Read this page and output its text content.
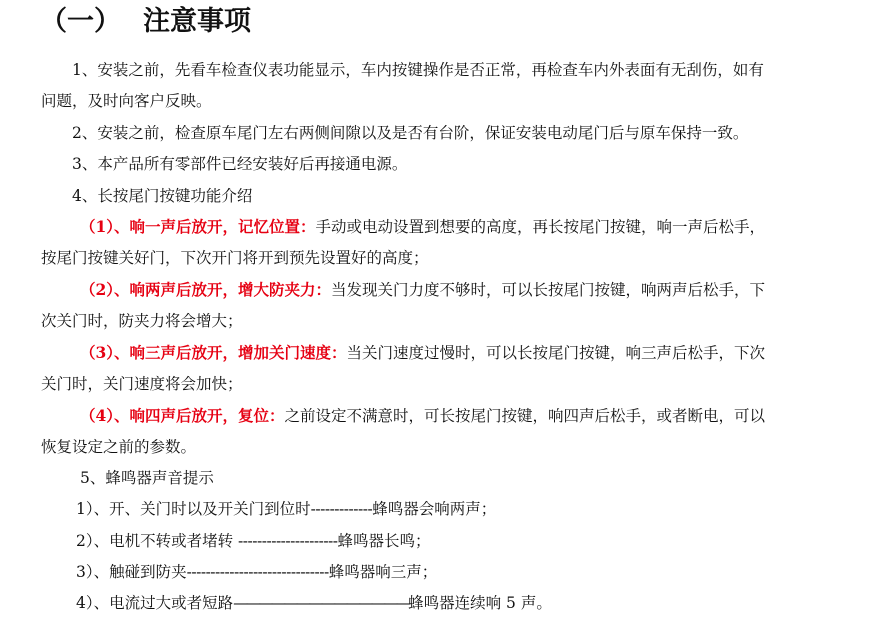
（一） 注意事项
1、安装之前，先看车检查仪表功能显示，车内按键操作是否正常，再检查车内外表面有无刮伤，如有
问题，及时向客户反映。
2、安装之前，检查原车尾门左右两侧间隙以及是否有台阶，保证安装电动尾门后与原车保持一致。
3、本产品所有零部件已经安装好后再接通电源。
4、长按尾门按键功能介绍
（1）、响一声后放开，记忆位置：手动或电动设置到想要的高度，再长按尾门按键，响一声后松手，
按尾门按键关好门，下次开门将开到预先设置好的高度；
（2）、响两声后放开，增大防夹力：当发现关门力度不够时，可以长按尾门按键，响两声后松手，下
次关门时，防夹力将会增大；
（3）、响三声后放开，增加关门速度：当关门速度过慢时，可以长按尾门按键，响三声后松手，下次
关门时，关门速度将会加快；
（4）、响四声后放开，复位：之前设定不满意时，可长按尾门按键，响四声后松手，或者断电，可以
恢复设定之前的参数。
5、蜂鸣器声音提示
1）、开、关门时以及开关门到位时-------------蜂鸣器会响两声；
2）、电机不转或者堵转 ---------------------蜂鸣器长鸣；
3）、触碰到防夹------------------------------蜂鸣器响三声；
4）、电流过大或者短路——————————————蜂鸣器连续响 5 声。
